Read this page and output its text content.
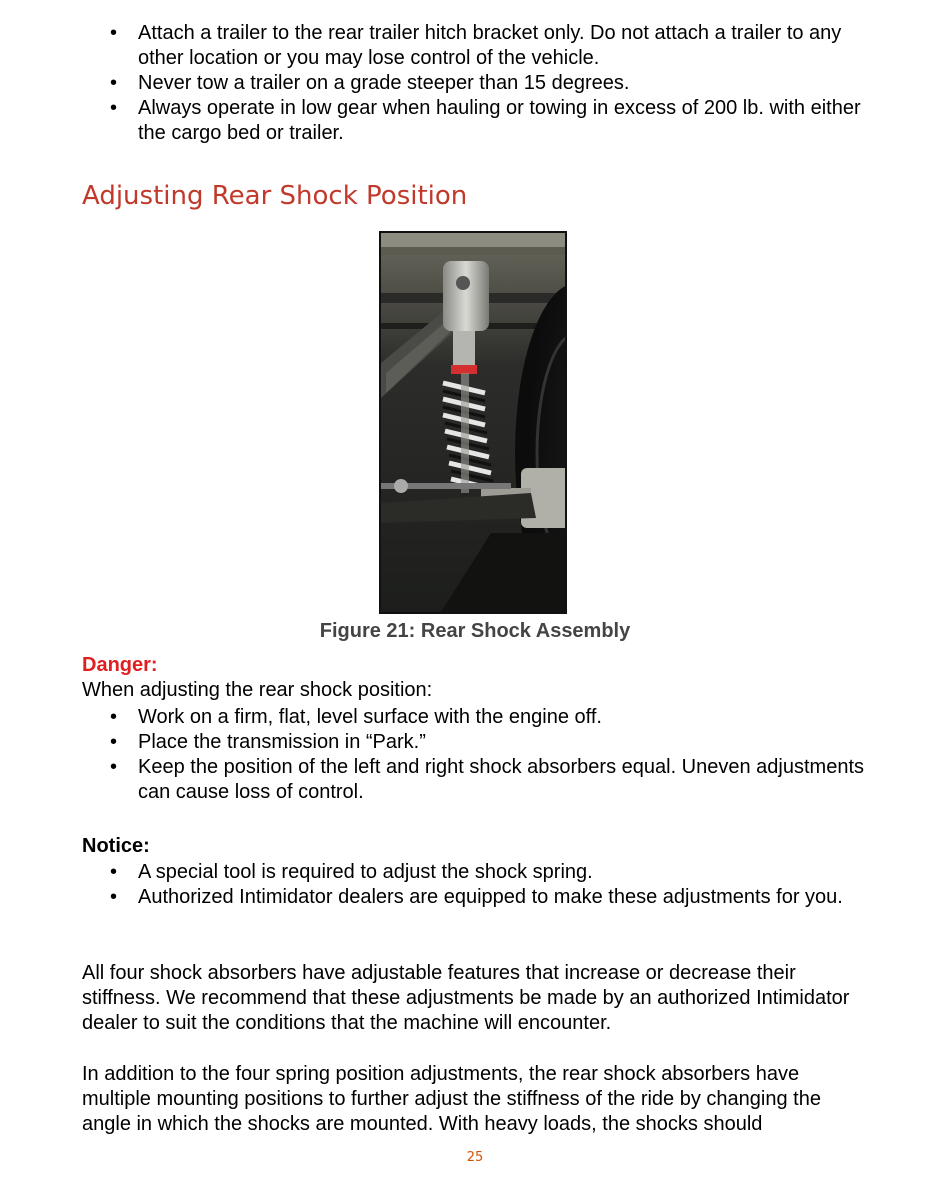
• Attach a trailer to the rear trailer hitch bracket only. Do not attach a trailer to any other location or you may lose control of the vehicle.
• Never tow a trailer on a grade steeper than 15 degrees.
• Always operate in low gear when hauling or towing in excess of 200 lb. with either the cargo bed or trailer.
Adjusting Rear Shock Position
Figure 21: Rear Shock Assembly
Danger:
When adjusting the rear shock position:
• Work on a firm, flat, level surface with the engine off.
• Place the transmission in “Park.”
• Keep the position of the left and right shock absorbers equal. Uneven adjustments can cause loss of control.
Notice:
• A special tool is required to adjust the shock spring.
• Authorized Intimidator dealers are equipped to make these adjustments for you.

All four shock absorbers have adjustable features that increase or decrease their stiffness. We recommend that these adjustments be made by an authorized Intimidator dealer to suit the conditions that the machine will encounter.

In addition to the four spring position adjustments, the rear shock absorbers have multiple mounting positions to further adjust the stiffness of the ride by changing the angle in which the shocks are mounted. With heavy loads, the shocks should

25
